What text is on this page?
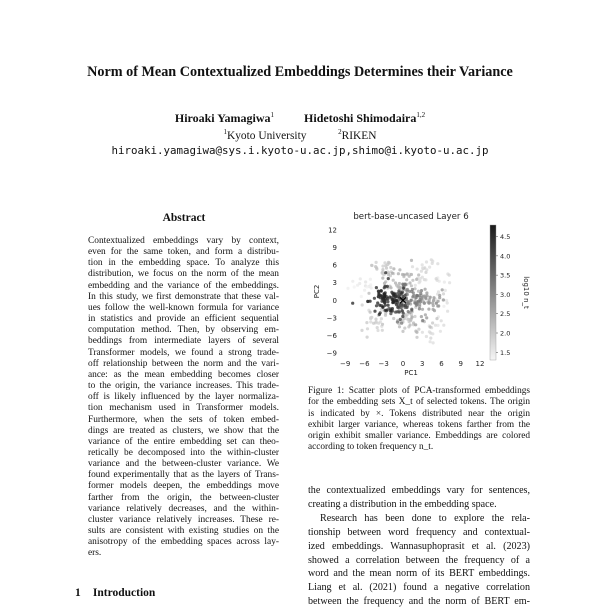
Norm of Mean Contextualized Embeddings Determines their Variance
Hiroaki Yamagiwa$^1$	Hidetoshi Shimodaira$^{1,2}$
$^1$Kyoto University	$^2$RIKEN
hiroaki.yamagiwa@sys.i.kyoto-u.ac.jp,shimo@i.kyoto-u.ac.jp
Abstract
Contextualized embeddings vary by context,
even for the same token, and form a distribu-
tion in the embedding space. To analyze this
distribution, we focus on the norm of the mean
embedding and the variance of the embeddings.
In this study, we first demonstrate that these val-
ues follow the well-known formula for variance
in statistics and provide an efficient sequential
computation method. Then, by observing em-
beddings from intermediate layers of several
Transformer models, we found a strong trade-
off relationship between the norm and the vari-
ance: as the mean embedding becomes closer
to the origin, the variance increases. This trade-
off is likely influenced by the layer normaliza-
tion mechanism used in Transformer models.
Furthermore, when the sets of token embed-
dings are treated as clusters, we show that the
variance of the entire embedding set can theo-
retically be decomposed into the within-cluster
variance and the between-cluster variance. We
found experimentally that as the layers of Trans-
former models deepen, the embeddings move
farther from the origin, the between-cluster
variance relatively decreases, and the within-
cluster variance relatively increases. These re-
sults are consistent with existing studies on the
anisotropy of the embedding spaces across lay-
ers.
1 Introduction
bert-base-uncased Layer 6
12
9
6
3
0
−3
−6
−9
−9 −6 −3 0 3 6 9 12
PC1
PC2
1.5
2.0
2.5
3.0
3.5
4.0
4.5
log10 n_t
Figure 1: Scatter plots of PCA-transformed embeddings
for the embedding sets X_t of selected tokens. The origin
is indicated by ×. Tokens distributed near the origin
exhibit larger variance, whereas tokens farther from the
origin exhibit smaller variance. Embeddings are colored
according to token frequency n_t.
the contextualized embeddings vary for sentences,
creating a distribution in the embedding space.
Research has been done to explore the rela-
tionship between word frequency and contextual-
ized embeddings. Wannasuphoprasit et al. (2023)
showed a correlation between the frequency of a
word and the mean norm of its BERT embeddings.
Liang et al. (2021) found a negative correlation
between the frequency and the norm of BERT em-
